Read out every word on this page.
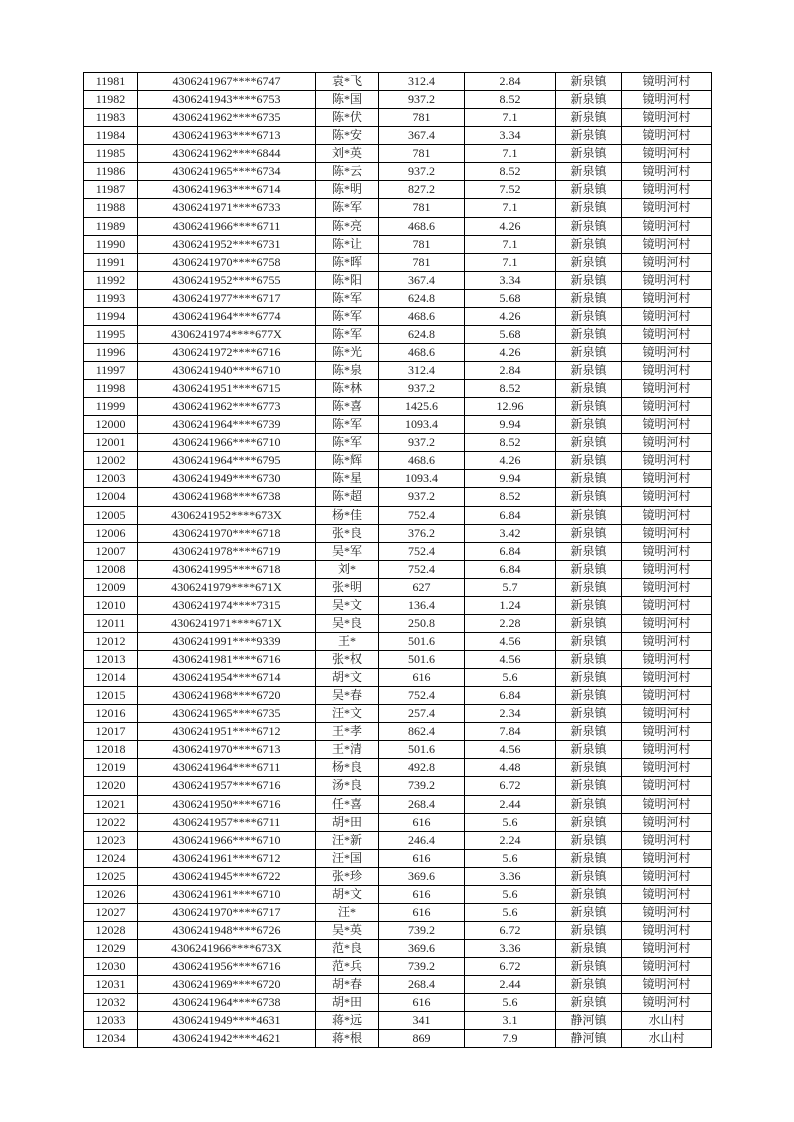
11981	4306241967****6747	袁*飞	312.4	2.84	新泉镇	镜明河村
11982	4306241943****6753	陈*国	937.2	8.52	新泉镇	镜明河村
11983	4306241962****6735	陈*伏	781	7.1	新泉镇	镜明河村
11984	4306241963****6713	陈*安	367.4	3.34	新泉镇	镜明河村
11985	4306241962****6844	刘*英	781	7.1	新泉镇	镜明河村
11986	4306241965****6734	陈*云	937.2	8.52	新泉镇	镜明河村
11987	4306241963****6714	陈*明	827.2	7.52	新泉镇	镜明河村
11988	4306241971****6733	陈*军	781	7.1	新泉镇	镜明河村
11989	4306241966****6711	陈*亮	468.6	4.26	新泉镇	镜明河村
11990	4306241952****6731	陈*让	781	7.1	新泉镇	镜明河村
11991	4306241970****6758	陈*晖	781	7.1	新泉镇	镜明河村
11992	4306241952****6755	陈*阳	367.4	3.34	新泉镇	镜明河村
11993	4306241977****6717	陈*军	624.8	5.68	新泉镇	镜明河村
11994	4306241964****6774	陈*军	468.6	4.26	新泉镇	镜明河村
11995	4306241974****677X	陈*军	624.8	5.68	新泉镇	镜明河村
11996	4306241972****6716	陈*光	468.6	4.26	新泉镇	镜明河村
11997	4306241940****6710	陈*泉	312.4	2.84	新泉镇	镜明河村
11998	4306241951****6715	陈*林	937.2	8.52	新泉镇	镜明河村
11999	4306241962****6773	陈*喜	1425.6	12.96	新泉镇	镜明河村
12000	4306241964****6739	陈*军	1093.4	9.94	新泉镇	镜明河村
12001	4306241966****6710	陈*军	937.2	8.52	新泉镇	镜明河村
12002	4306241964****6795	陈*辉	468.6	4.26	新泉镇	镜明河村
12003	4306241949****6730	陈*星	1093.4	9.94	新泉镇	镜明河村
12004	4306241968****6738	陈*超	937.2	8.52	新泉镇	镜明河村
12005	4306241952****673X	杨*佳	752.4	6.84	新泉镇	镜明河村
12006	4306241970****6718	张*良	376.2	3.42	新泉镇	镜明河村
12007	4306241978****6719	吴*军	752.4	6.84	新泉镇	镜明河村
12008	4306241995****6718	刘*	752.4	6.84	新泉镇	镜明河村
12009	4306241979****671X	张*明	627	5.7	新泉镇	镜明河村
12010	4306241974****7315	吴*文	136.4	1.24	新泉镇	镜明河村
12011	4306241971****671X	吴*良	250.8	2.28	新泉镇	镜明河村
12012	4306241991****9339	王*	501.6	4.56	新泉镇	镜明河村
12013	4306241981****6716	张*权	501.6	4.56	新泉镇	镜明河村
12014	4306241954****6714	胡*文	616	5.6	新泉镇	镜明河村
12015	4306241968****6720	吴*春	752.4	6.84	新泉镇	镜明河村
12016	4306241965****6735	汪*文	257.4	2.34	新泉镇	镜明河村
12017	4306241951****6712	王*孝	862.4	7.84	新泉镇	镜明河村
12018	4306241970****6713	王*清	501.6	4.56	新泉镇	镜明河村
12019	4306241964****6711	杨*良	492.8	4.48	新泉镇	镜明河村
12020	4306241957****6716	汤*良	739.2	6.72	新泉镇	镜明河村
12021	4306241950****6716	任*喜	268.4	2.44	新泉镇	镜明河村
12022	4306241957****6711	胡*田	616	5.6	新泉镇	镜明河村
12023	4306241966****6710	汪*新	246.4	2.24	新泉镇	镜明河村
12024	4306241961****6712	汪*国	616	5.6	新泉镇	镜明河村
12025	4306241945****6722	张*珍	369.6	3.36	新泉镇	镜明河村
12026	4306241961****6710	胡*文	616	5.6	新泉镇	镜明河村
12027	4306241970****6717	汪*	616	5.6	新泉镇	镜明河村
12028	4306241948****6726	吴*英	739.2	6.72	新泉镇	镜明河村
12029	4306241966****673X	范*良	369.6	3.36	新泉镇	镜明河村
12030	4306241956****6716	范*兵	739.2	6.72	新泉镇	镜明河村
12031	4306241969****6720	胡*春	268.4	2.44	新泉镇	镜明河村
12032	4306241964****6738	胡*田	616	5.6	新泉镇	镜明河村
12033	4306241949****4631	蒋*远	341	3.1	静河镇	水山村
12034	4306241942****4621	蒋*根	869	7.9	静河镇	水山村
